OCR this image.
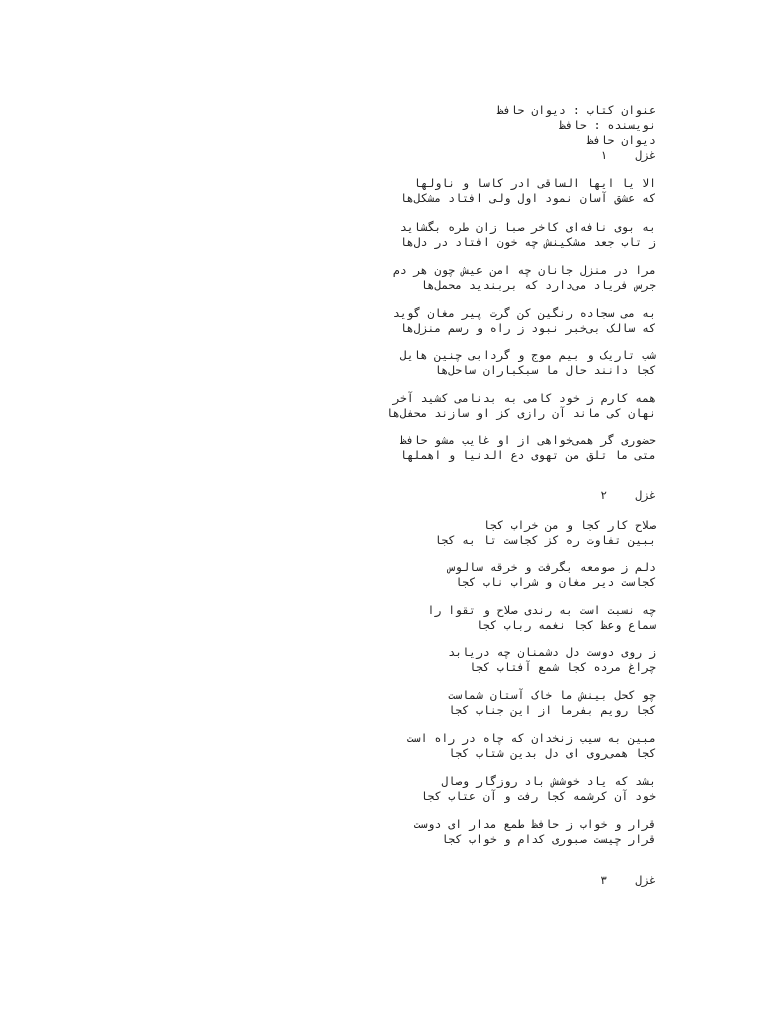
عنوان کتاب : دیوان حافظ
نویسنده : حافظ
دیوان حافظ
غزل۱
الا یا ایها الساقی ادر کاسا و ناولها
که عشق آسان نمود اول ولی افتاد مشکل‌ها
به بوی نافه‌ای کاخر صبا زان طره بگشاید
ز تاب جعد مشکینش چه خون افتاد در دل‌ها
مرا در منزل جانان چه امن عیش چون هر دم
جرس فریاد می‌دارد که بربندید محمل‌ها
به می سجاده رنگین کن گرت پیر مغان گوید
که سالک بی‌خبر نبود ز راه و رسم منزل‌ها
شب تاریک و بیم موج و گردابی چنین هایل
کجا دانند حال ما سبکباران ساحل‌ها
همه کارم ز خود کامی به بدنامی کشید آخر
نهان کی ماند آن رازی کز او سازند محفل‌ها
حضوری گر همی‌خواهی از او غایب مشو حافظ
متی ما تلق من تهوی دع الدنیا و اهملها
غزل۲
صلاح کار کجا و من خراب کجا
ببین تفاوت ره کز کجاست تا به کجا
دلم ز صومعه بگرفت و خرقه سالوس
کجاست دیر مغان و شراب ناب کجا
چه نسبت است به رندی صلاح و تقوا را
سماع وعظ کجا نغمه رباب کجا
ز روی دوست دل دشمنان چه دریابد
چراغ مرده کجا شمع آفتاب کجا
چو کحل بینش ما خاک آستان شماست
کجا رویم بفرما از این جناب کجا
مبین به سیب زنخدان که چاه در راه است
کجا همی‌روی ای دل بدین شتاب کجا
بشد که یاد خوشش باد روزگار وصال
خود آن کرشمه کجا رفت و آن عتاب کجا
قرار و خواب ز حافظ طمع مدار ای دوست
قرار چیست صبوری کدام و خواب کجا
غزل۳
